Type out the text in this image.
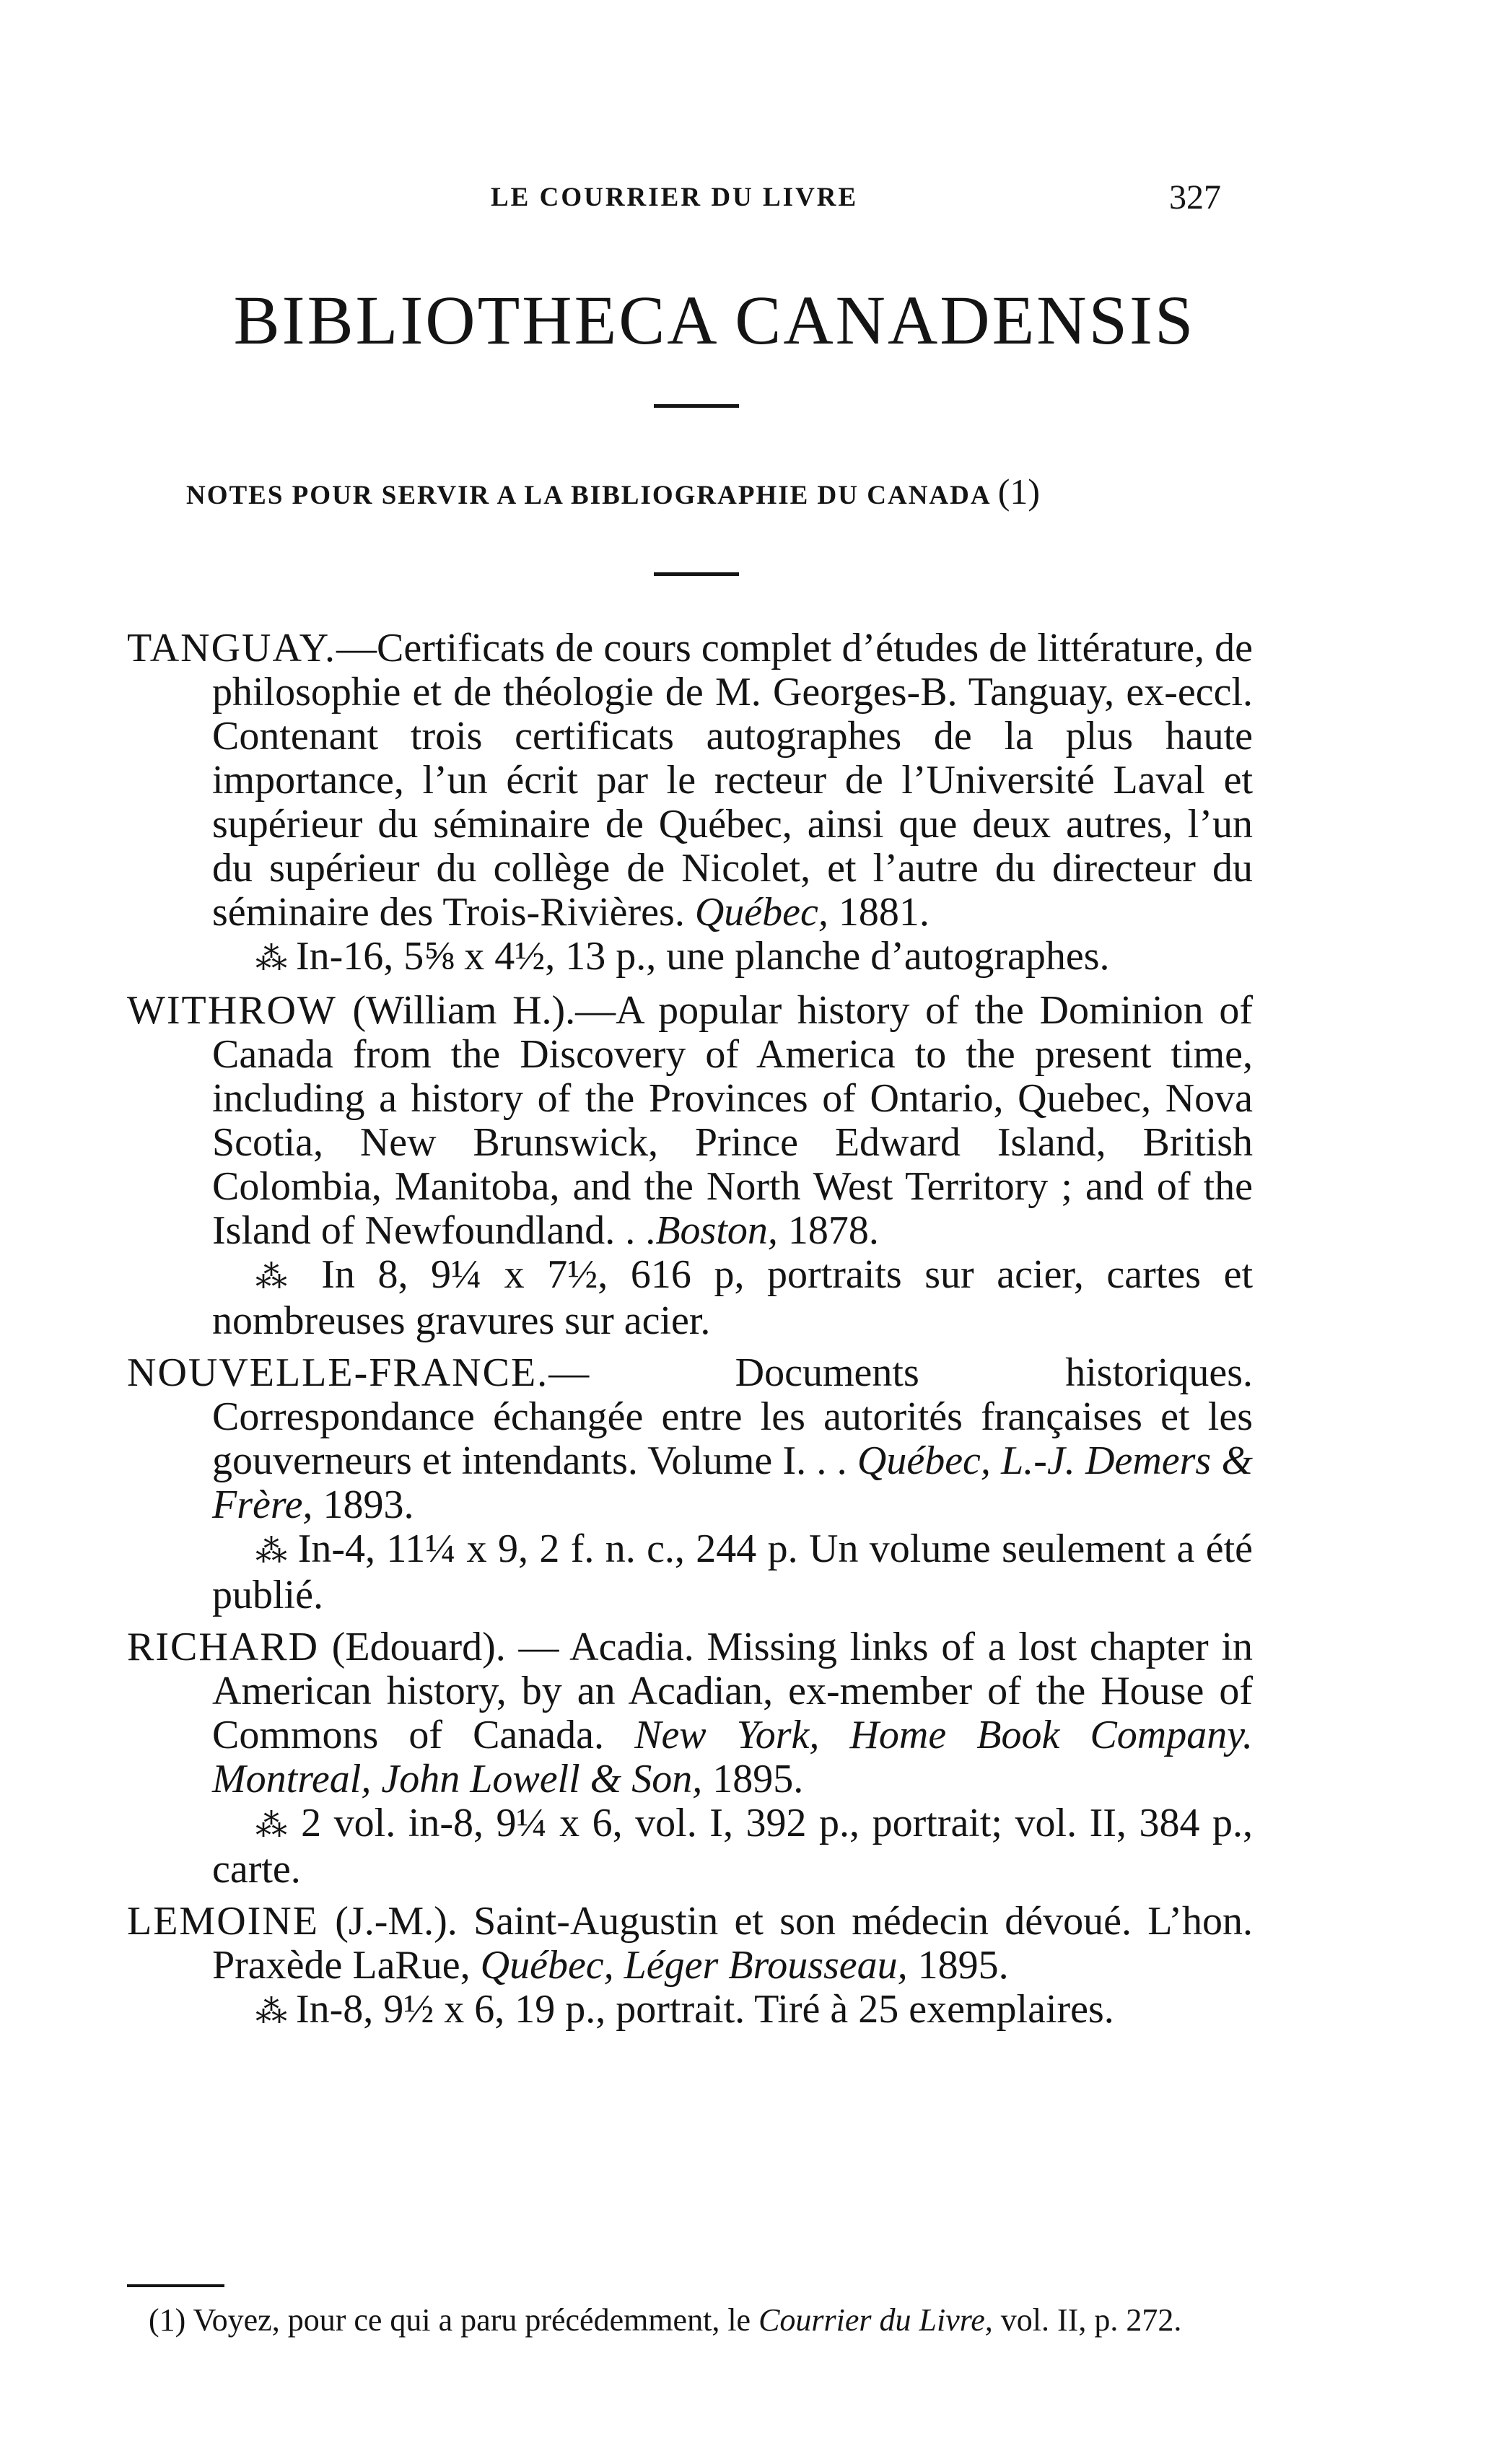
LE COURRIER DU LIVRE	327
BIBLIOTHECA CANADENSIS
NOTES POUR SERVIR A LA BIBLIOGRAPHIE DU CANADA (1)

TANGUAY.—Certificats de cours complet d’études de littérature, de philosophie et de théologie de M. Georges-B. Tanguay, ex-eccl. Contenant trois certificats autographes de la plus haute importance, l’un écrit par le recteur de l’Université Laval et supérieur du séminaire de Québec, ainsi que deux autres, l’un du supérieur du collège de Nicolet, et l’autre du directeur du séminaire des Trois-Rivières. Québec, 1881.
⁂ In-16, 5⅝ x 4½, 13 p., une planche d’autographes.

WITHROW (William H.).—A popular history of the Dominion of Canada from the Discovery of America to the present time, including a history of the Provinces of Ontario, Quebec, Nova Scotia, New Brunswick, Prince Edward Island, British Colombia, Manitoba, and the North West Territory ; and of the Island of Newfoundland. . .Boston, 1878.
⁂ In 8, 9¼ x 7½, 616 p, portraits sur acier, cartes et nombreuses gravures sur acier.

NOUVELLE-FRANCE.— Documents historiques. Correspondance échangée entre les autorités françaises et les gouverneurs et intendants. Volume I. . . Québec, L.-J. Demers & Frère, 1893.
⁂ In-4, 11¼ x 9, 2 f. n. c., 244 p. Un volume seulement a été publié.

RICHARD (Edouard). — Acadia. Missing links of a lost chapter in American history, by an Acadian, ex-member of the House of Commons of Canada. New York, Home Book Company. Montreal, John Lowell & Son, 1895.
⁂ 2 vol. in-8, 9¼ x 6, vol. I, 392 p., portrait; vol. II, 384 p., carte.

LEMOINE (J.-M.). Saint-Augustin et son médecin dévoué. L’hon. Praxède LaRue, Québec, Léger Brousseau, 1895.
⁂ In-8, 9½ x 6, 19 p., portrait. Tiré à 25 exemplaires.

(1) Voyez, pour ce qui a paru précédemment, le Courrier du Livre, vol. II, p. 272.
